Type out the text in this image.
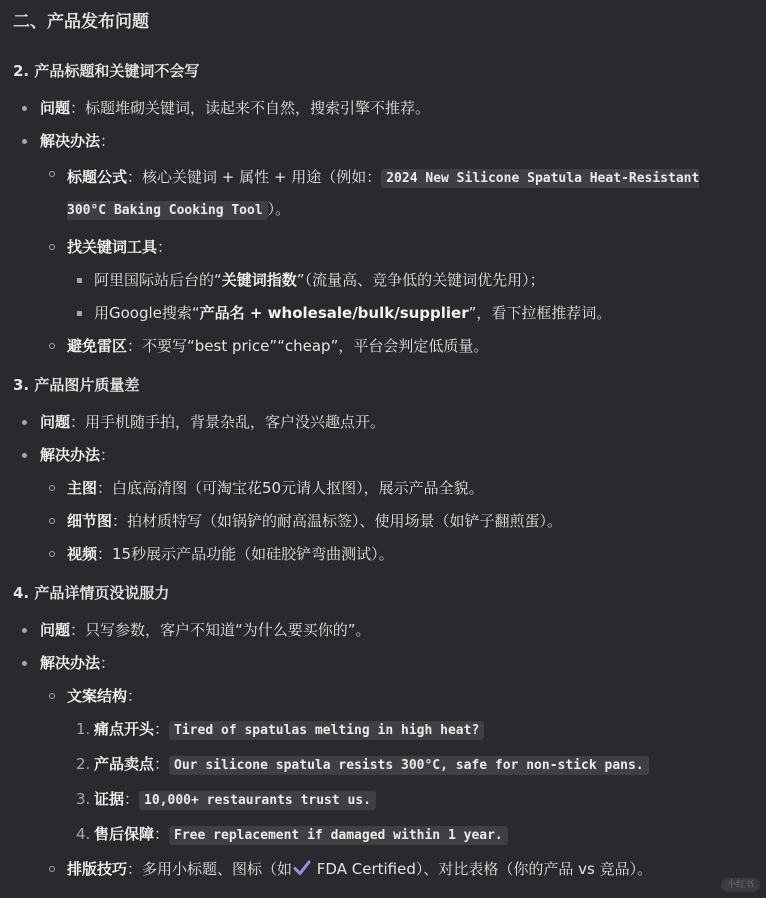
二、产品发布问题
2. 产品标题和关键词不会写
问题：标题堆砌关键词，读起来不自然，搜索引擎不推荐。
解决办法：
标题公式：核心关键词 + 属性 + 用途（例如： 2024 New Silicone Spatula Heat-Resistant 300°C Baking Cooking Tool ）。
找关键词工具：
阿里国际站后台的“关键词指数”（流量高、竞争低的关键词优先用）；
用Google搜索“产品名 + wholesale/bulk/supplier”，看下拉框推荐词。
避免雷区：不要写“best price”“cheap”，平台会判定低质量。
3. 产品图片质量差
问题：用手机随手拍，背景杂乱，客户没兴趣点开。
解决办法：
主图：白底高清图（可淘宝花50元请人抠图），展示产品全貌。
细节图：拍材质特写（如锅铲的耐高温标签）、使用场景（如铲子翻煎蛋）。
视频：15秒展示产品功能（如硅胶铲弯曲测试）。
4. 产品详情页没说服力
问题：只写参数，客户不知道“为什么要买你的”。
解决办法：
文案结构：
1. 痛点开头： Tired of spatulas melting in high heat?
2. 产品卖点： Our silicone spatula resists 300°C, safe for non-stick pans.
3. 证据： 10,000+ restaurants trust us.
4. 售后保障： Free replacement if damaged within 1 year.
排版技巧：多用小标题、图标（如 FDA Certified）、对比表格（你的产品 vs 竞品）。
小红书
